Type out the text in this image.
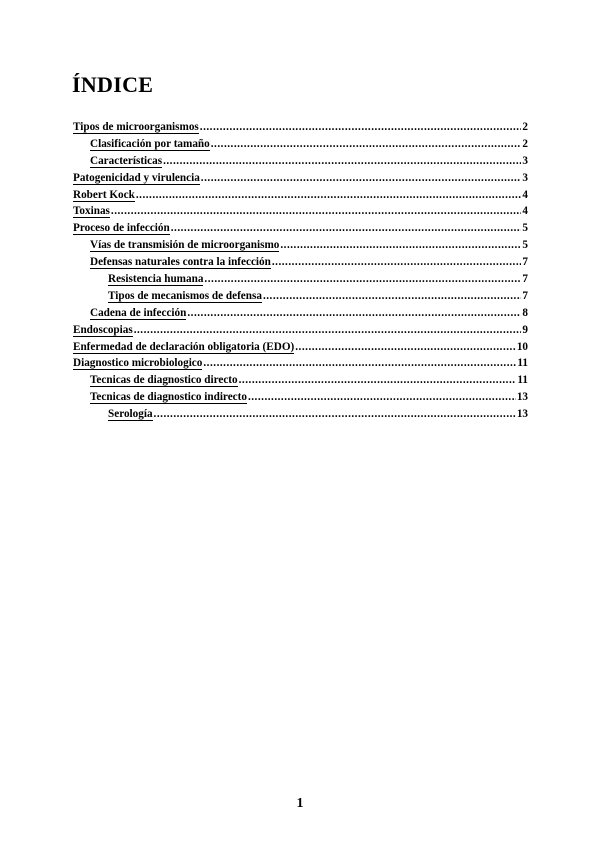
ÍNDICE
Tipos de microorganismos .....	2
Clasificación por tamaño .....	2
Características .....	3
Patogenicidad y virulencia .....	3
Robert Kock .....	4
Toxinas .....	4
Proceso de infección .....	5
Vías de transmisión de microorganismo .....	5
Defensas naturales contra la infección .....	7
Resistencia humana .....	7
Tipos de mecanismos de defensa .....	7
Cadena de infección .....	8
Endoscopias .....	9
Enfermedad de declaración obligatoria (EDO) .....	10
Diagnostico microbiologico .....	11
Tecnicas de diagnostico directo .....	11
Tecnicas de diagnostico indirecto .....	13
Serología .....	13
1
